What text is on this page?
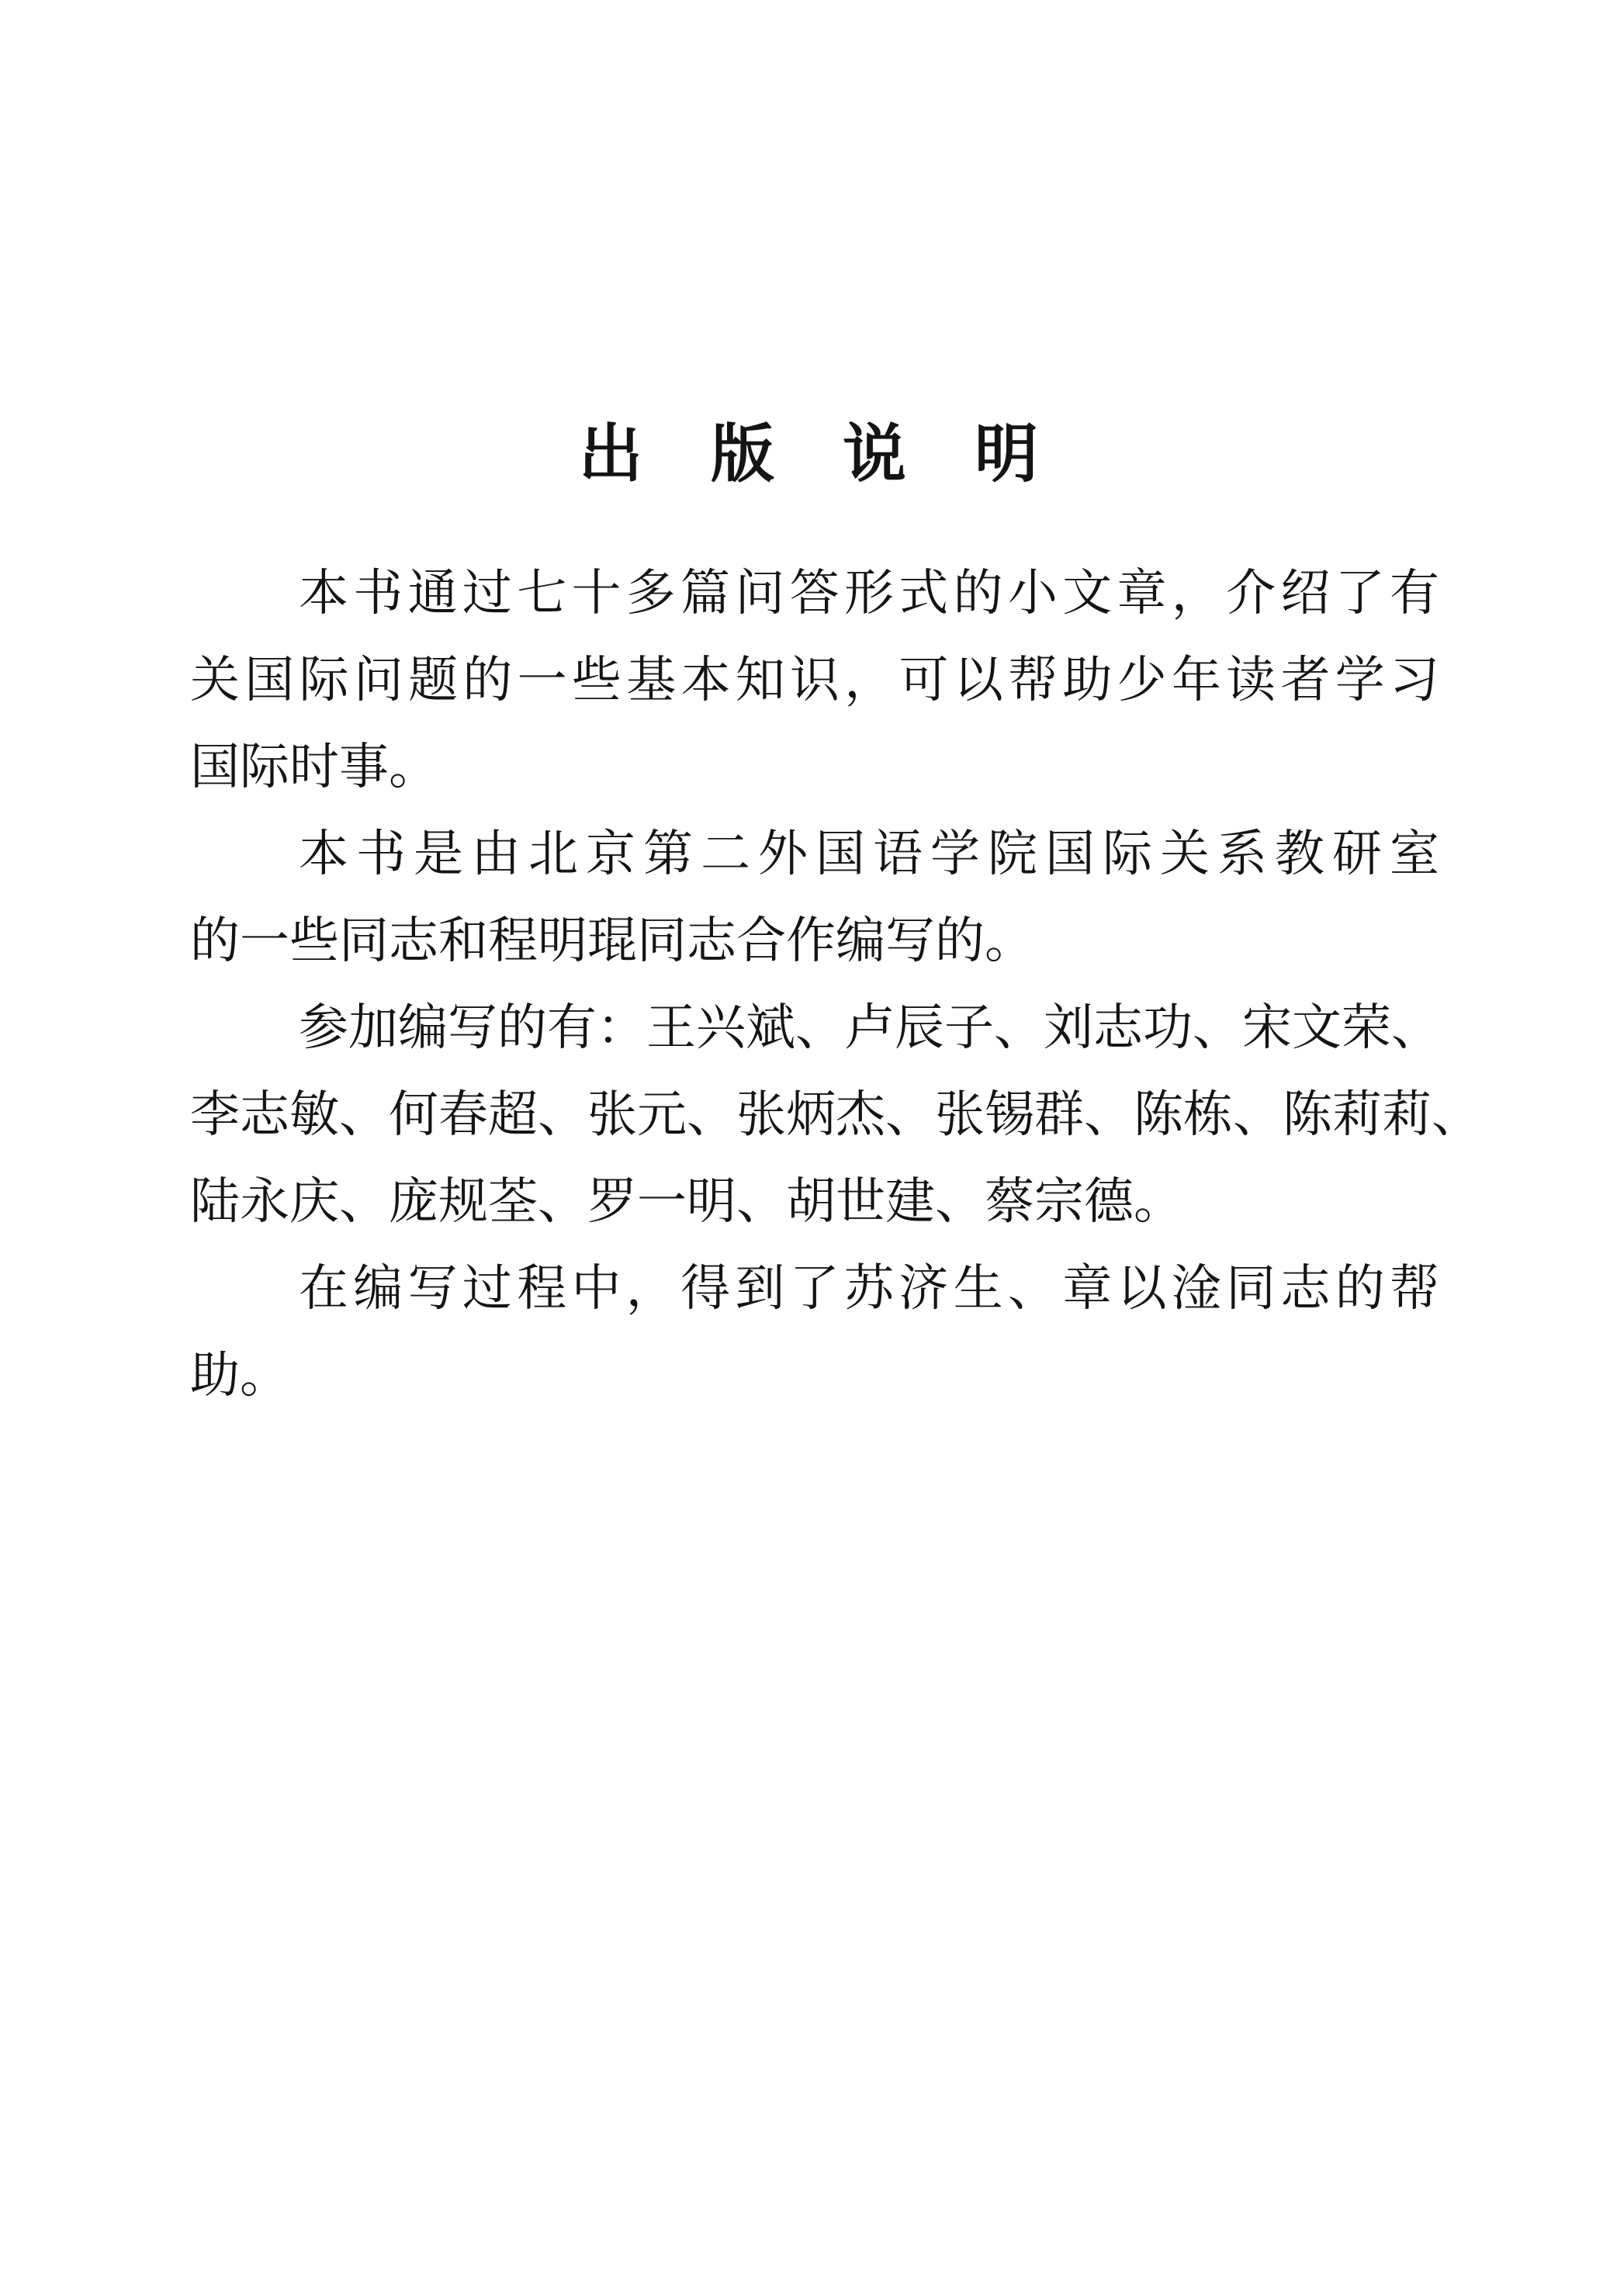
出版说明
本书通过七十多篇问答形式的小文章，介绍了有
关国际问题的一些基本知识，可以帮助少年读者学习
国际时事。
本书是由北京第二外国语学院国际关系教研室
的一些同志和程明琨同志合作编写的。
参加编写的有：王兴斌、卢辰子、刘志功、宋文荣、
李志敏、何春超、张元、张炳杰、张锡群、陈栋、陈莉莉、
陆永庆、庞规荃、罗一明、胡世建、蔡宗德。
在编写过程中，得到了苏济生、章以淦同志的帮
助。
